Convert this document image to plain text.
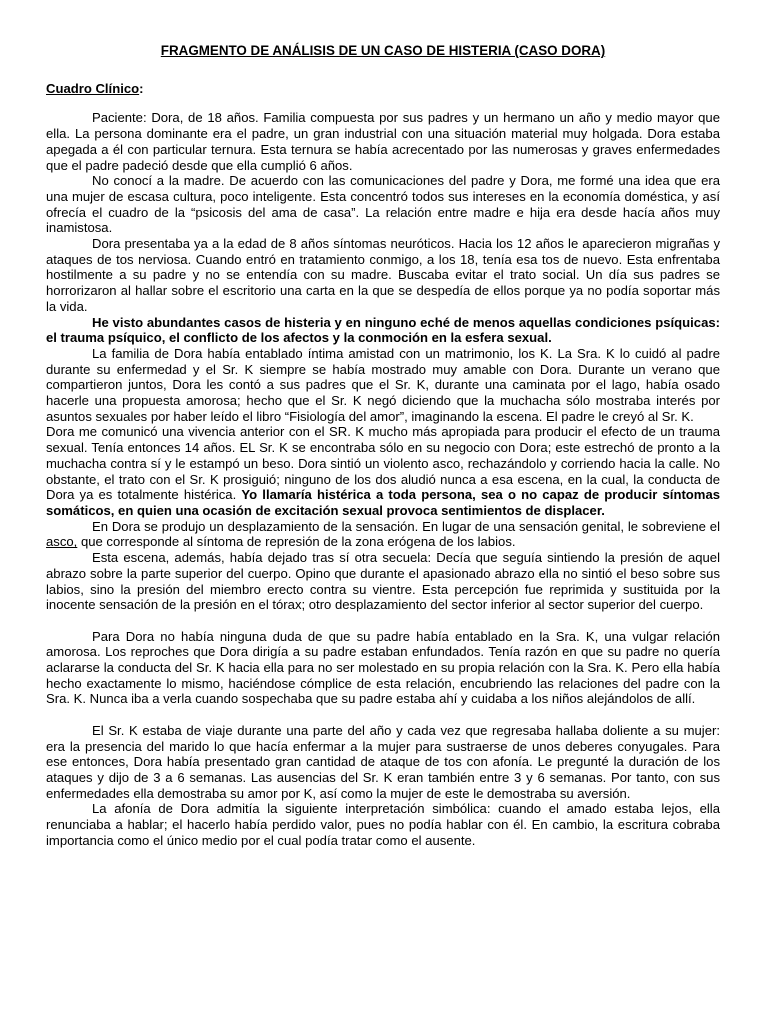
FRAGMENTO DE ANÁLISIS DE UN CASO DE HISTERIA (CASO DORA)
Cuadro Clínico:

Paciente: Dora, de 18 años. Familia compuesta por sus padres y un hermano un año y medio mayor que ella. La persona dominante era el padre, un gran industrial con una situación material muy holgada. Dora estaba apegada a él con particular ternura. Esta ternura se había acrecentado por las numerosas y graves enfermedades que el padre padeció desde que ella cumplió 6 años.

No conocí a la madre. De acuerdo con las comunicaciones del padre y Dora, me formé una idea que era una mujer de escasa cultura, poco inteligente. Esta concentró todos sus intereses en la economía doméstica, y así ofrecía el cuadro de la “psicosis del ama de casa”. La relación entre madre e hija era desde hacía años muy inamistosa.

Dora presentaba ya a la edad de 8 años síntomas neuróticos. Hacia los 12 años le aparecieron migrañas y ataques de tos nerviosa. Cuando entró en tratamiento conmigo, a los 18, tenía esa tos de nuevo. Esta enfrentaba hostilmente a su padre y no se entendía con su madre. Buscaba evitar el trato social. Un día sus padres se horrorizaron al hallar sobre el escritorio una carta en la que se despedía de ellos porque ya no podía soportar más la vida.

He visto abundantes casos de histeria y en ninguno eché de menos aquellas condiciones psíquicas: el trauma psíquico, el conflicto de los afectos y la conmoción en la esfera sexual.

La familia de Dora había entablado íntima amistad con un matrimonio, los K. La Sra. K lo cuidó al padre durante su enfermedad y el Sr. K siempre se había mostrado muy amable con Dora. Durante un verano que compartieron juntos, Dora les contó a sus padres que el Sr. K, durante una caminata por el lago, había osado hacerle una propuesta amorosa; hecho que el Sr. K negó diciendo que la muchacha sólo mostraba interés por asuntos sexuales por haber leído el libro “Fisiología del amor”, imaginando la escena. El padre le creyó al Sr. K.

Dora me comunicó una vivencia anterior con el SR. K mucho más apropiada para producir el efecto de un trauma sexual. Tenía entonces 14 años. EL Sr. K se encontraba sólo en su negocio con Dora; este estrechó de pronto a la muchacha contra sí y le estampó un beso. Dora sintió un violento asco, rechazándolo y corriendo hacia la calle. No obstante, el trato con el Sr. K prosiguió; ninguno de los dos aludió nunca a esa escena, en la cual, la conducta de Dora ya es totalmente histérica. Yo llamaría histérica a toda persona, sea o no capaz de producir síntomas somáticos, en quien una ocasión de excitación sexual provoca sentimientos de displacer.

En Dora se produjo un desplazamiento de la sensación. En lugar de una sensación genital, le sobreviene el asco, que corresponde al síntoma de represión de la zona erógena de los labios.

Esta escena, además, había dejado tras sí otra secuela: Decía que seguía sintiendo la presión de aquel abrazo sobre la parte superior del cuerpo. Opino que durante el apasionado abrazo ella no sintió el beso sobre sus labios, sino la presión del miembro erecto contra su vientre. Esta percepción fue reprimida y sustituida por la inocente sensación de la presión en el tórax; otro desplazamiento del sector inferior al sector superior del cuerpo.

Para Dora no había ninguna duda de que su padre había entablado en la Sra. K, una vulgar relación amorosa. Los reproches que Dora dirigía a su padre estaban enfundados. Tenía razón en que su padre no quería aclararse la conducta del Sr. K hacia ella para no ser molestado en su propia relación con la Sra. K. Pero ella había hecho exactamente lo mismo, haciéndose cómplice de esta relación, encubriendo las relaciones del padre con la Sra. K. Nunca iba a verla cuando sospechaba que su padre estaba ahí y cuidaba a los niños alejándolos de allí.

El Sr. K estaba de viaje durante una parte del año y cada vez que regresaba hallaba doliente a su mujer: era la presencia del marido lo que hacía enfermar a la mujer para sustraerse de unos deberes conyugales. Para ese entonces, Dora había presentado gran cantidad de ataque de tos con afonía. Le pregunté la duración de los ataques y dijo de 3 a 6 semanas. Las ausencias del Sr. K eran también entre 3 y 6 semanas. Por tanto, con sus enfermedades ella demostraba su amor por K, así como la mujer de este le demostraba su aversión.

La afonía de Dora admitía la siguiente interpretación simbólica: cuando el amado estaba lejos, ella renunciaba a hablar; el hacerlo había perdido valor, pues no podía hablar con él. En cambio, la escritura cobraba importancia como el único medio por el cual podía tratar como el ausente.
